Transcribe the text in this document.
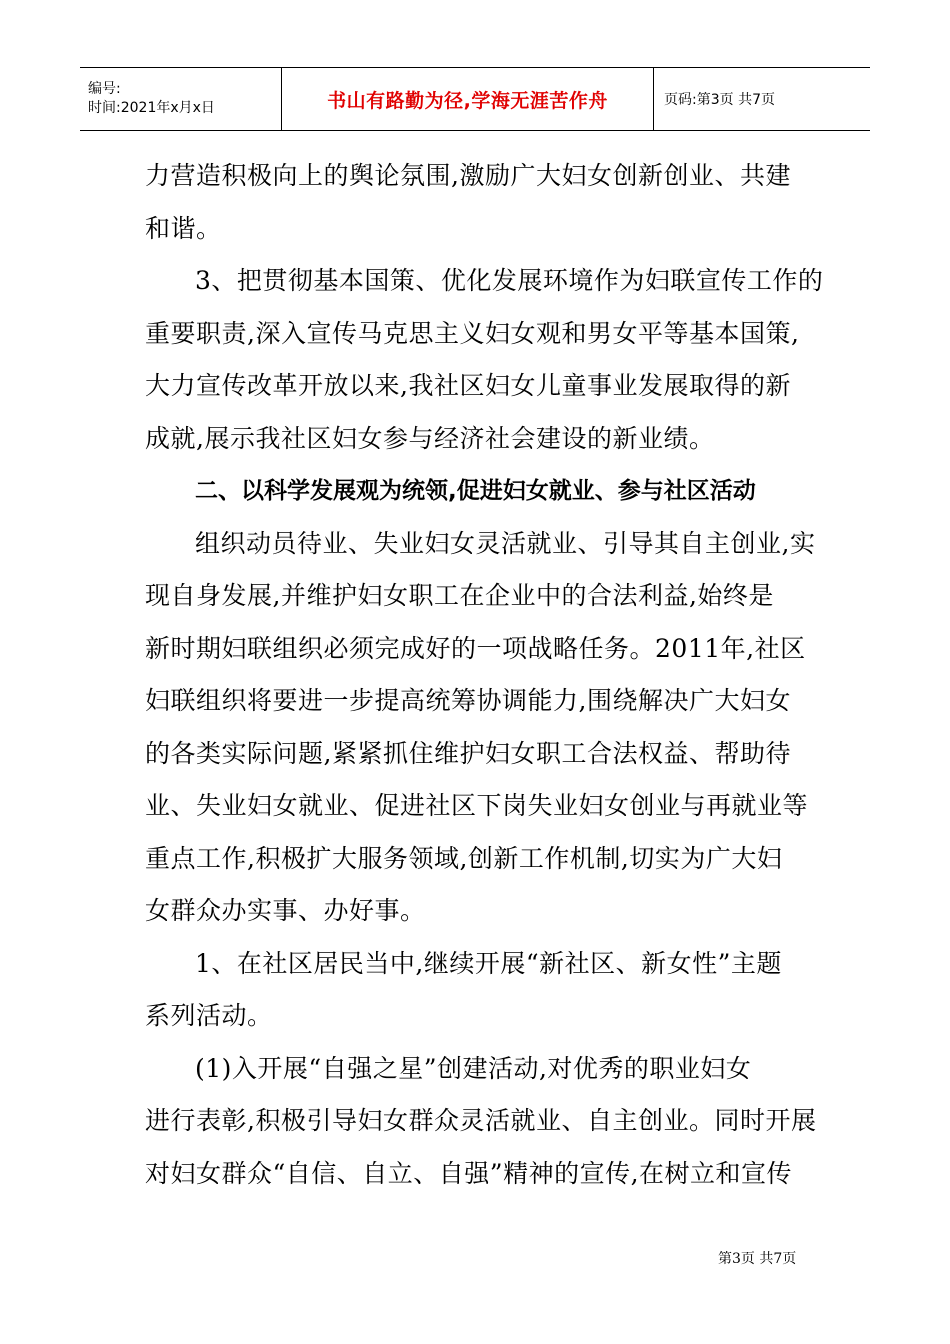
编号:
时间:2021年x月x日	书山有路勤为径,学海无涯苦作舟	页码:第3页 共7页
力营造积极向上的舆论氛围,激励广大妇女创新创业、共建
和谐。
3、把贯彻基本国策、优化发展环境作为妇联宣传工作的
重要职责,深入宣传马克思主义妇女观和男女平等基本国策,
大力宣传改革开放以来,我社区妇女儿童事业发展取得的新
成就,展示我社区妇女参与经济社会建设的新业绩。
二、以科学发展观为统领,促进妇女就业、参与社区活动
组织动员待业、失业妇女灵活就业、引导其自主创业,实
现自身发展,并维护妇女职工在企业中的合法利益,始终是
新时期妇联组织必须完成好的一项战略任务。2011年,社区
妇联组织将要进一步提高统筹协调能力,围绕解决广大妇女
的各类实际问题,紧紧抓住维护妇女职工合法权益、帮助待
业、失业妇女就业、促进社区下岗失业妇女创业与再就业等
重点工作,积极扩大服务领域,创新工作机制,切实为广大妇
女群众办实事、办好事。
1、在社区居民当中,继续开展“新社区、新女性”主题
系列活动。
(1)入开展“自强之星”创建活动,对优秀的职业妇女
进行表彰,积极引导妇女群众灵活就业、自主创业。同时开展
对妇女群众“自信、自立、自强”精神的宣传,在树立和宣传
第3页 共7页
